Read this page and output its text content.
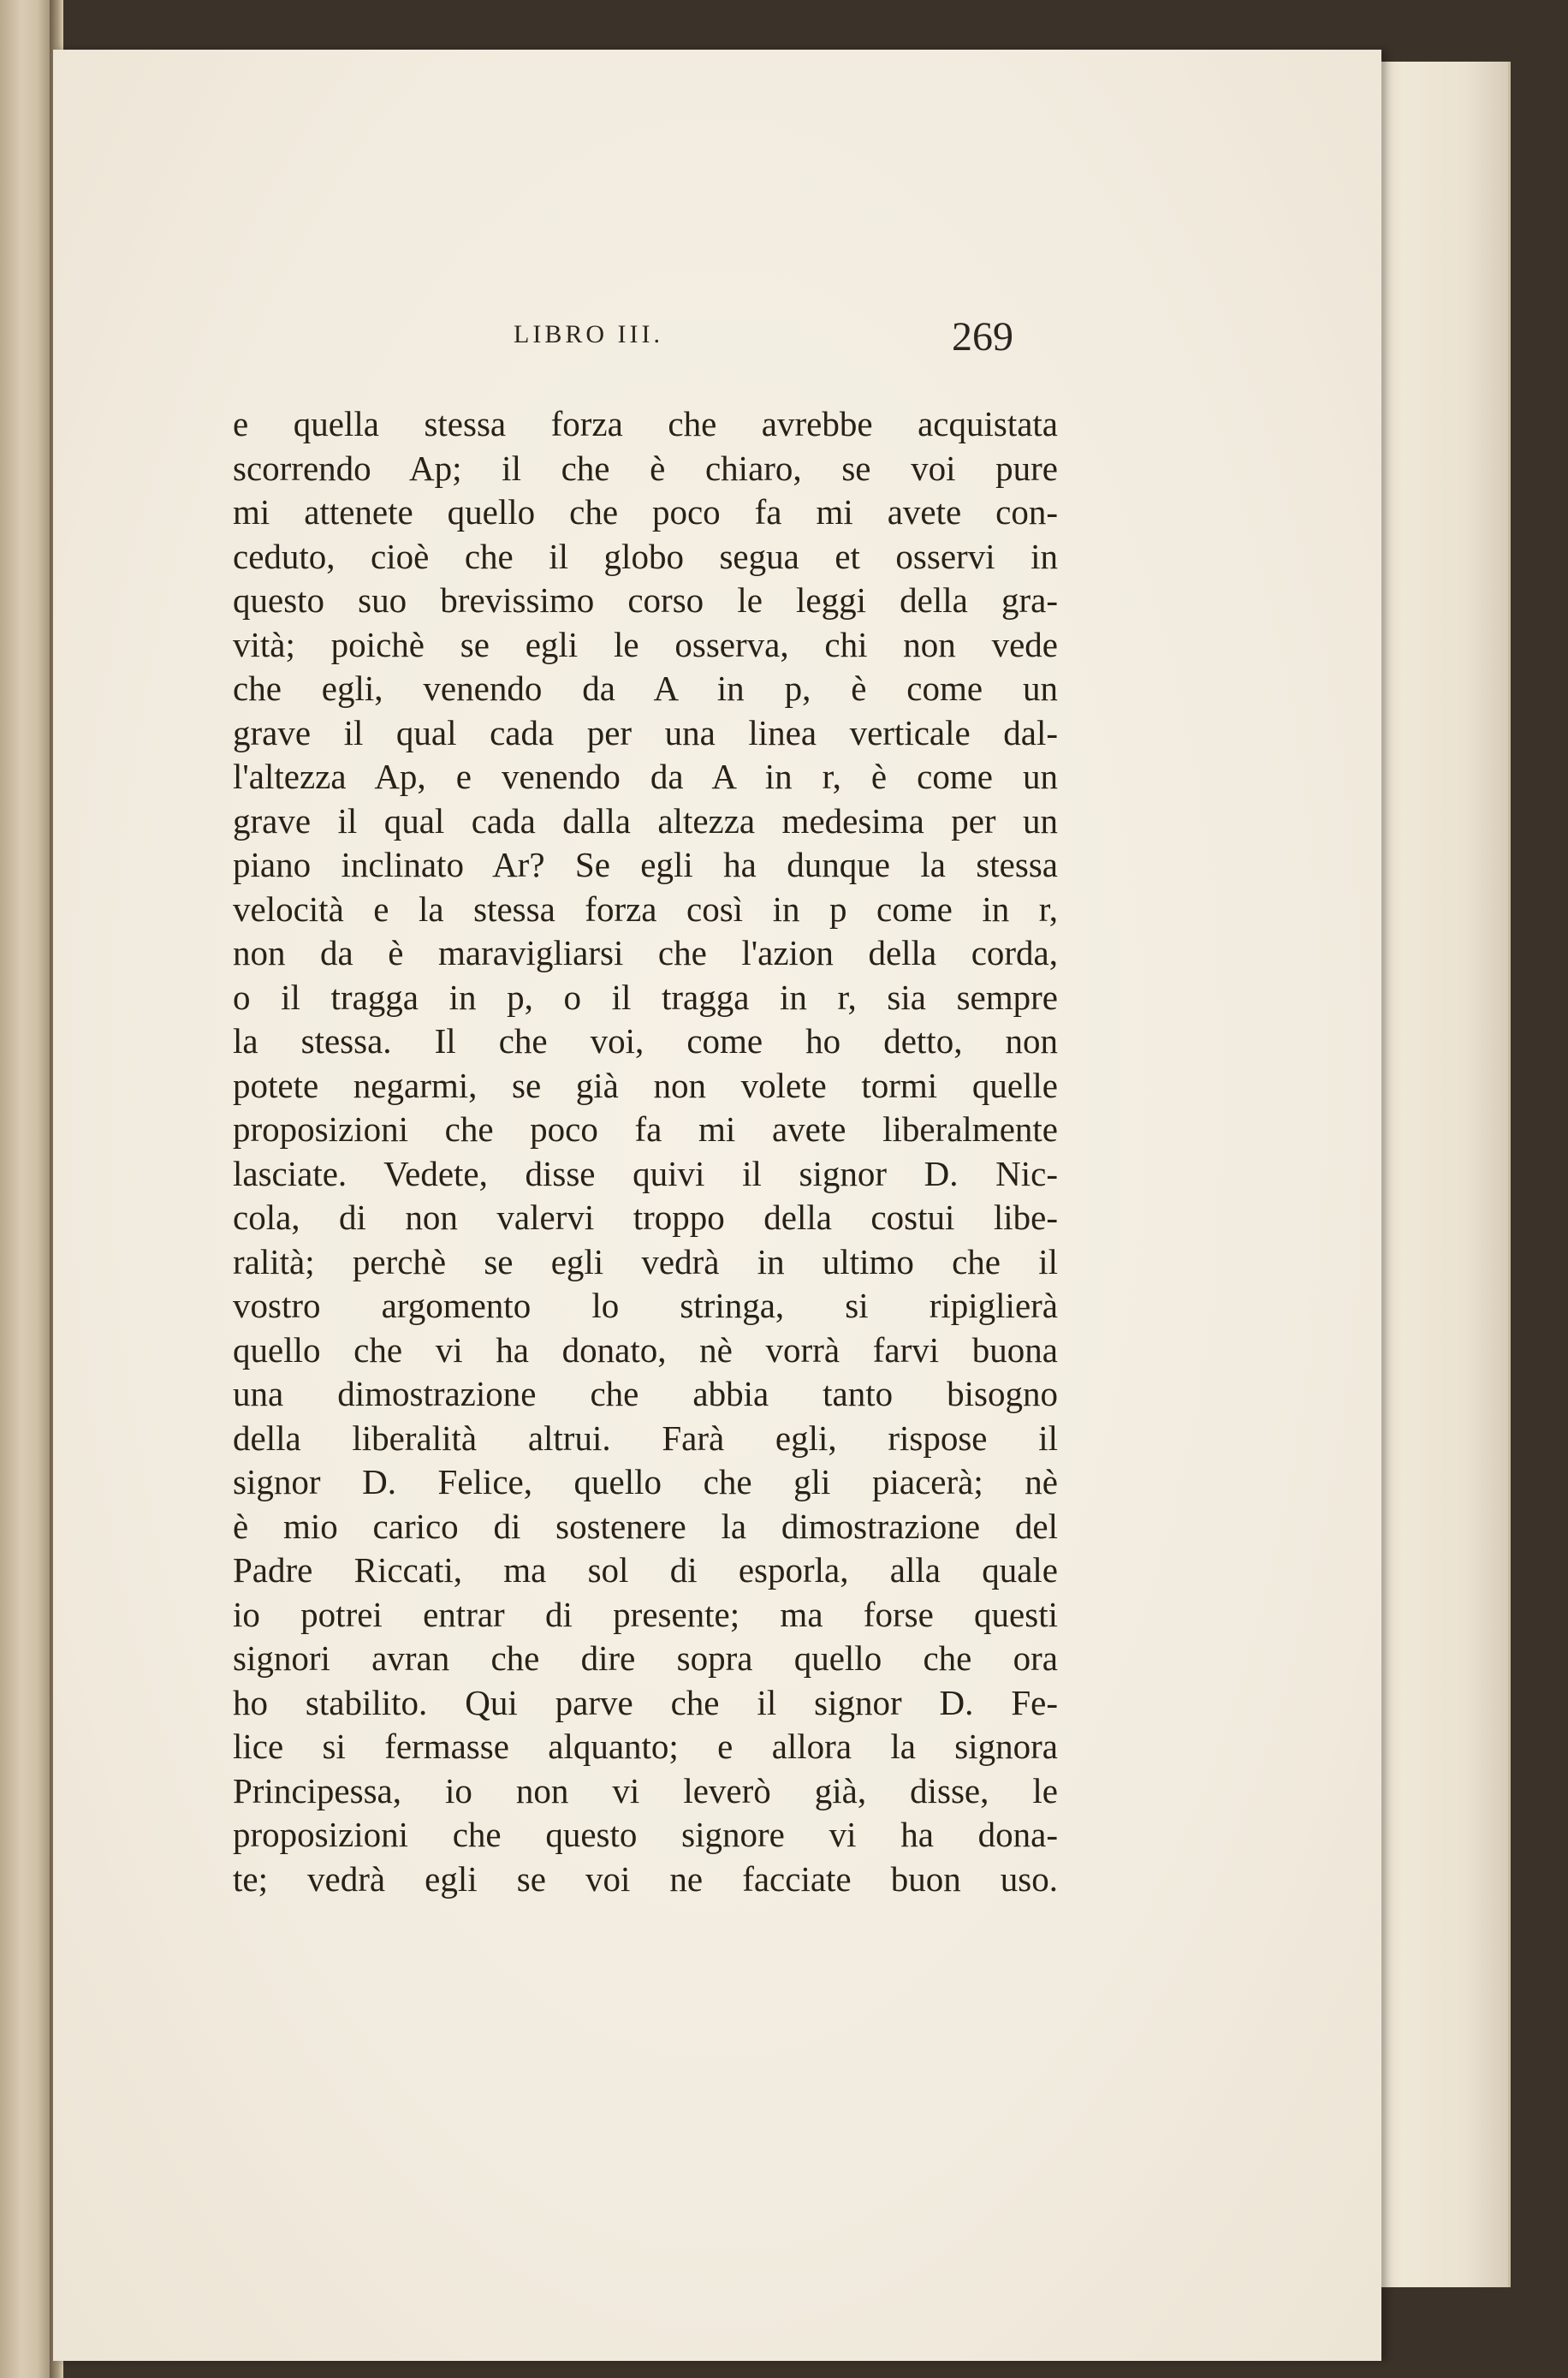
LIBRO III.	269
e quella stessa forza che avrebbe acquistata
scorrendo Ap; il che è chiaro, se voi pure
mi attenete quello che poco fa mi avete con-
ceduto, cioè che il globo segua et osservi in
questo suo brevissimo corso le leggi della gra-
vità; poichè se egli le osserva, chi non vede
che egli, venendo da A in p, è come un
grave il qual cada per una linea verticale dal-
l'altezza Ap, e venendo da A in r, è come un
grave il qual cada dalla altezza medesima per un
piano inclinato Ar? Se egli ha dunque la stessa
velocità e la stessa forza così in p come in r,
non da è maravigliarsi che l'azion della corda,
o il tragga in p, o il tragga in r, sia sempre
la stessa. Il che voi, come ho detto, non
potete negarmi, se già non volete tormi quelle
proposizioni che poco fa mi avete liberalmente
lasciate. Vedete, disse quivi il signor D. Nic-
cola, di non valervi troppo della costui libe-
ralità; perchè se egli vedrà in ultimo che il
vostro argomento lo stringa, si ripiglierà
quello che vi ha donato, nè vorrà farvi buona
una dimostrazione che abbia tanto bisogno
della liberalità altrui. Farà egli, rispose il
signor D. Felice, quello che gli piacerà; nè
è mio carico di sostenere la dimostrazione del
Padre Riccati, ma sol di esporla, alla quale
io potrei entrar di presente; ma forse questi
signori avran che dire sopra quello che ora
ho stabilito. Qui parve che il signor D. Fe-
lice si fermasse alquanto; e allora la signora
Principessa, io non vi leverò già, disse, le
proposizioni che questo signore vi ha dona-
te; vedrà egli se voi ne facciate buon uso.
